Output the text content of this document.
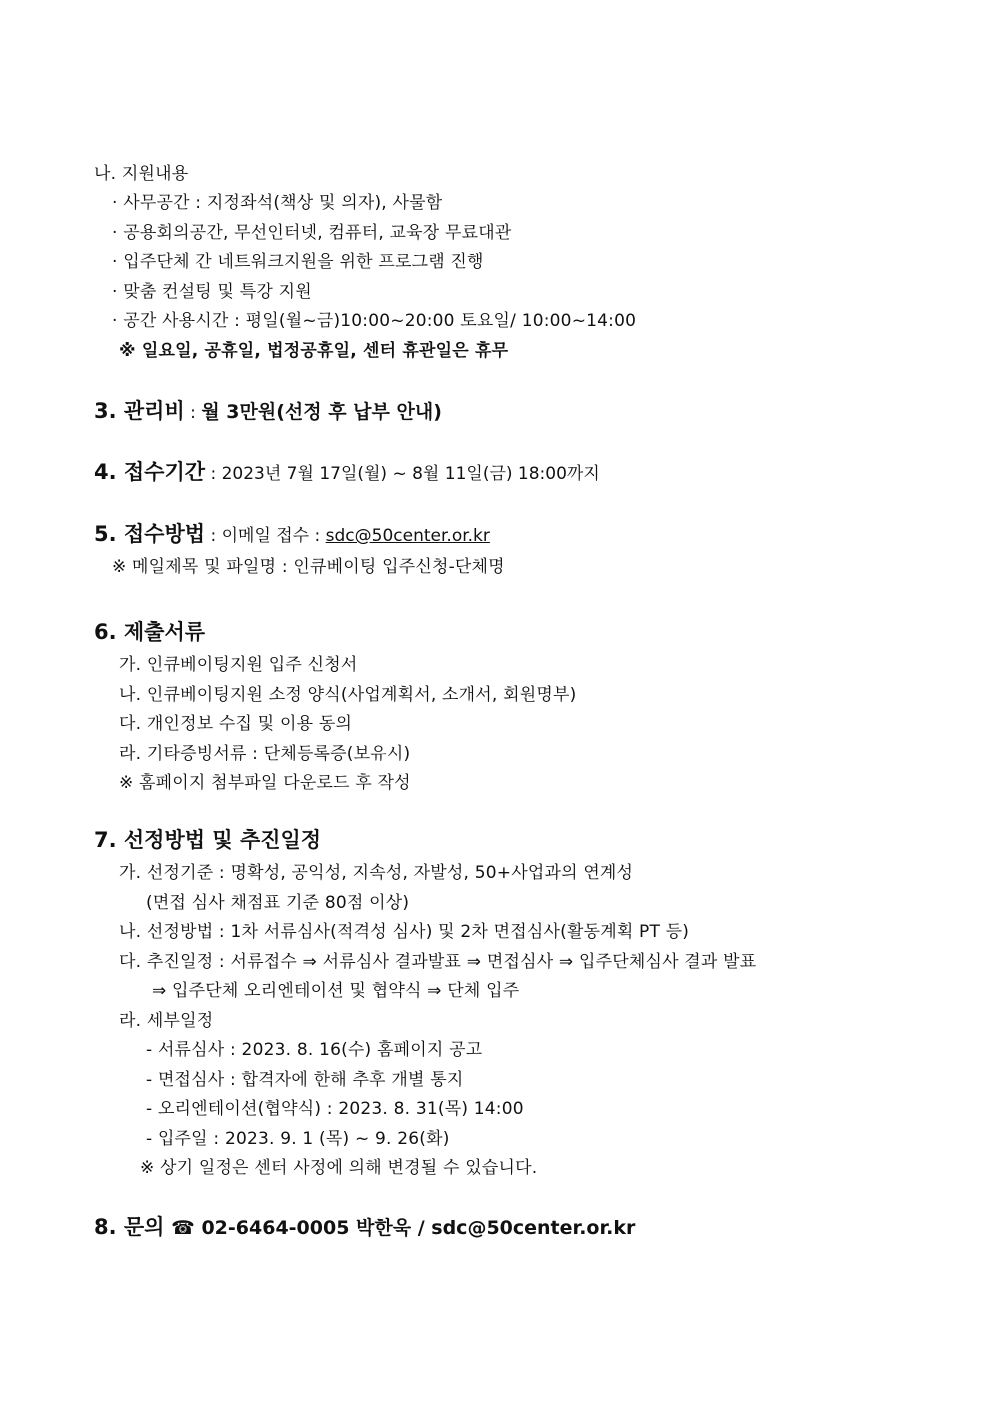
나. 지원내용
· 사무공간 : 지정좌석(책상 및 의자), 사물함
· 공용회의공간, 무선인터넷, 컴퓨터, 교육장 무료대관
· 입주단체 간 네트워크지원을 위한 프로그램 진행
· 맞춤 컨설팅 및 특강 지원
· 공간 사용시간 : 평일(월~금)10:00~20:00 토요일/ 10:00~14:00
※ 일요일, 공휴일, 법정공휴일, 센터 휴관일은 휴무
3. 관리비 : 월 3만원(선정 후 납부 안내)
4. 접수기간 : 2023년 7월 17일(월) ~ 8월 11일(금) 18:00까지
5. 접수방법 : 이메일 접수 : sdc@50center.or.kr
※ 메일제목 및 파일명 : 인큐베이팅 입주신청-단체명
6. 제출서류
가. 인큐베이팅지원 입주 신청서
나. 인큐베이팅지원 소정 양식(사업계획서, 소개서, 회원명부)
다. 개인정보 수집 및 이용 동의
라. 기타증빙서류 : 단체등록증(보유시)
※ 홈페이지 첨부파일 다운로드 후 작성
7. 선정방법 및 추진일정
가. 선정기준 : 명확성, 공익성, 지속성, 자발성, 50+사업과의 연계성
(면접 심사 채점표 기준 80점 이상)
나. 선정방법 : 1차 서류심사(적격성 심사) 및 2차 면접심사(활동계획 PT 등)
다. 추진일정 : 서류접수 ⇒ 서류심사 결과발표 ⇒ 면접심사 ⇒ 입주단체심사 결과 발표
⇒ 입주단체 오리엔테이션 및 협약식 ⇒ 단체 입주
라. 세부일정
- 서류심사 : 2023. 8. 16(수) 홈페이지 공고
- 면접심사 : 합격자에 한해 추후 개별 통지
- 오리엔테이션(협약식) : 2023. 8. 31(목) 14:00
- 입주일 : 2023. 9. 1 (목) ~ 9. 26(화)
※ 상기 일정은 센터 사정에 의해 변경될 수 있습니다.
8. 문의 ☎ 02-6464-0005 박한욱 / sdc@50center.or.kr
